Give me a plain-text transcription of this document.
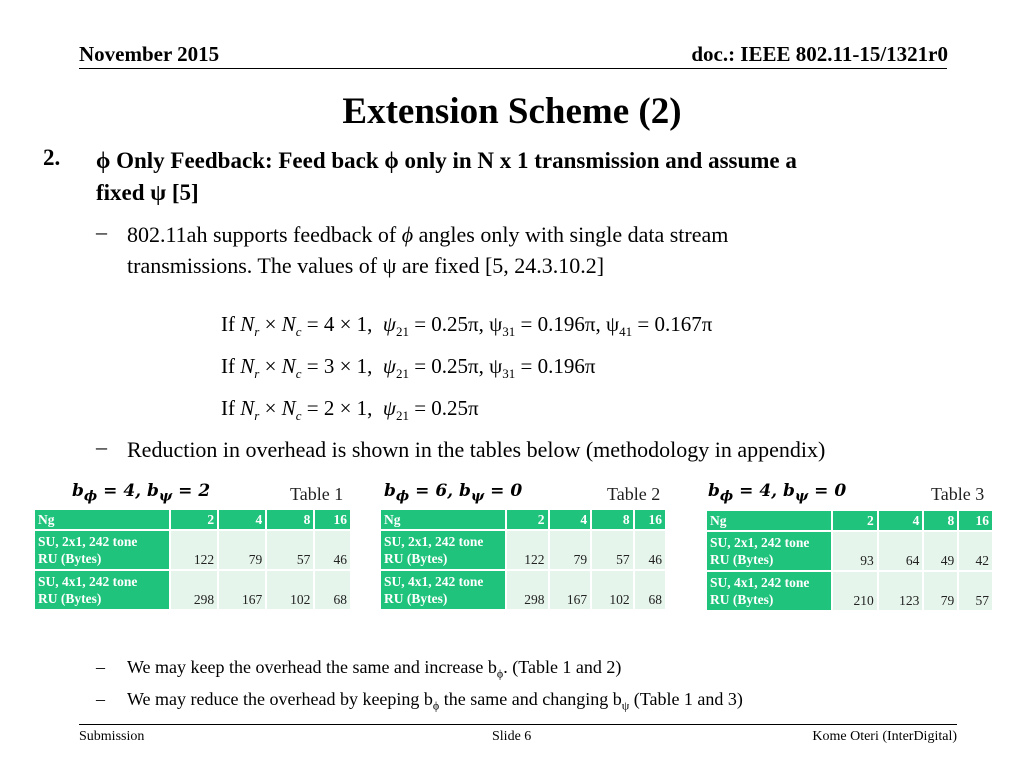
November 2015	doc.: IEEE 802.11-15/1321r0
Extension Scheme (2)
2. ϕ Only Feedback: Feed back ϕ only in N x 1 transmission and assume a
fixed ψ [5]
– 802.11ah supports feedback of ϕ angles only with single data stream
transmissions. The values of ψ are fixed [5, 24.3.10.2]
If $N_r \times N_c = 4 \times 1$, $\psi_{21} = 0.25\pi$, $\psi_{31} = 0.196\pi$, $\psi_{41} = 0.167\pi$
If $N_r \times N_c = 3 \times 1$, $\psi_{21} = 0.25\pi$, $\psi_{31} = 0.196\pi$
If $N_r \times N_c = 2 \times 1$, $\psi_{21} = 0.25\pi$
– Reduction in overhead is shown in the tables below (methodology in appendix)
$b_\phi = 4$, $b_\psi = 2$	Table 1
Ng	2	4	8	16

SU, 2x1, 242 tone
RU (Bytes)	122	79	57	46

SU, 4x1, 242 tone
RU (Bytes)	298	167	102	68
$b_\phi = 6$, $b_\psi = 0$	Table 2
Ng	2	4	8	16

SU, 2x1, 242 tone
RU (Bytes)	122	79	57	46

SU, 4x1, 242 tone
RU (Bytes)	298	167	102	68
$b_\phi = 4$, $b_\psi = 0$	Table 3
Ng	2	4	8	16

SU, 2x1, 242 tone
RU (Bytes)	93	64	49	42

SU, 4x1, 242 tone
RU (Bytes)	210	123	79	57
– We may keep the overhead the same and increase $b_\phi$. (Table 1 and 2)
– We may reduce the overhead by keeping $b_\phi$ the same and changing $b_\psi$ (Table 1 and 3)
Submission	Slide 6	Kome Oteri (InterDigital)
